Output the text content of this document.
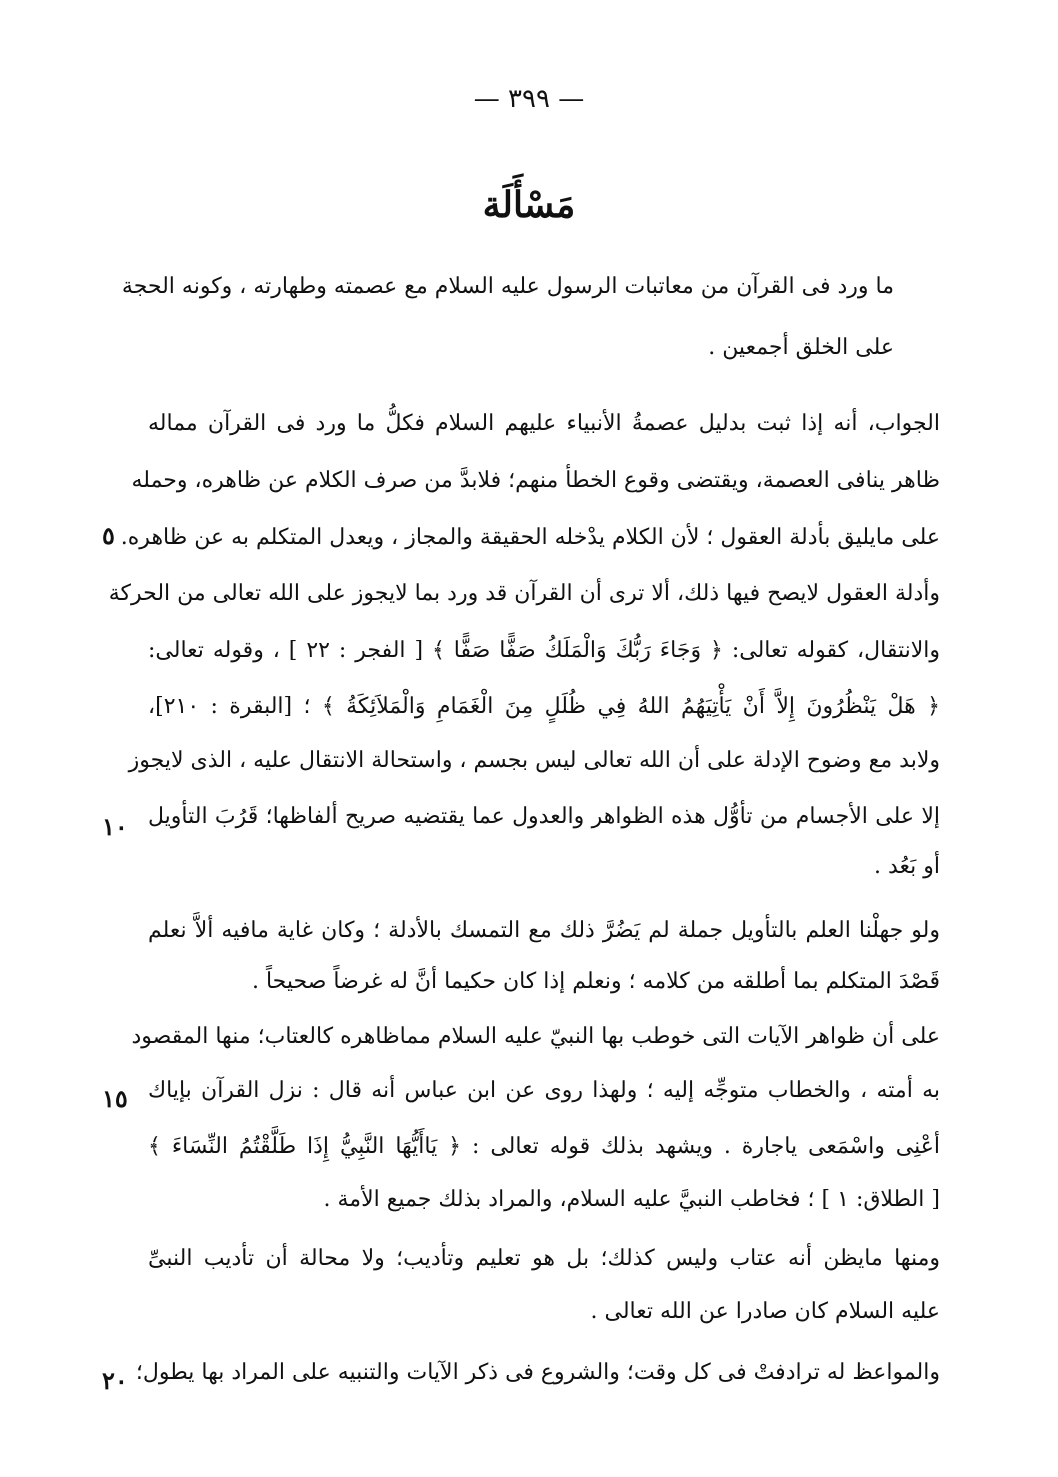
— ٣٩٩ —
مَسْأَلَة
ما ورد فى القرآن من معاتبات الرسول عليه السلام مع عصمته وطهارته ، وكونه الحجة
على الخلق أجمعين .
الجواب، أنه إذا ثبت بدليل عصمةُ الأنبياء عليهم السلام فكلُّ ما ورد فى القرآن مماله
ظاهر ينافى العصمة، ويقتضى وقوع الخطأ منهم؛ فلابدَّ من صرف الكلام عن ظاهره، وحمله
على مايليق بأدلة العقول ؛ لأن الكلام يدْخله الحقيقة والمجاز ، ويعدل المتكلم به عن ظاهره.
وأدلة العقول لايصح فيها ذلك، ألا ترى أن القرآن قد ورد بما لايجوز على الله تعالى من الحركة
والانتقال، كقوله تعالى: ﴿ وَجَاءَ رَبُّكَ وَالْمَلَكُ صَفًّا صَفًّا ﴾ [ الفجر : ٢٢ ] ، وقوله تعالى:
﴿ هَلْ يَنْظُرُونَ إِلاَّ أَنْ يَأْتِيَهُمُ اللهُ فِي ظُلَلٍ مِنَ الْغَمَامِ وَالْمَلاَئِكَةُ ﴾ ؛ [البقرة : ٢١٠]،
ولابد مع وضوح الإدلة على أن الله تعالى ليس بجسم ، واستحالة الانتقال عليه ، الذى لايجوز
إلا على الأجسام من تأوُّل هذه الظواهر والعدول عما يقتضيه صريح ألفاظها؛ قَرُبَ التأويل
أو بَعُد .
ولو جهلْنا العلم بالتأويل جملة لم يَضُرَّ ذلك مع التمسك بالأدلة ؛ وكان غاية مافيه ألاَّ نعلم
قَصْدَ المتكلم بما أطلقه من كلامه ؛ ونعلم إذا كان حكيما أنَّ له غرضاً صحيحاً .
على أن ظواهر الآيات التى خوطب بها النبيّ عليه السلام مماظاهره كالعتاب؛ منها المقصود
به أمته ، والخطاب متوجِّه إليه ؛ ولهذا روى عن ابن عباس أنه قال : نزل القرآن بإياك
أعْنِى واسْمَعى ياجارة . ويشهد بذلك قوله تعالى : ﴿ يَاأَيُّهَا النَّبِيُّ إِذَا طَلَّقْتُمُ النِّسَاءَ ﴾
[ الطلاق: ١ ] ؛ فخاطب النبيَّ عليه السلام، والمراد بذلك جميع الأمة .
ومنها مايظن أنه عتاب وليس كذلك؛ بل هو تعليم وتأديب؛ ولا محالة أن تأديب النبىِّ
عليه السلام كان صادرا عن الله تعالى .
والمواعظ له ترادفتْ فى كل وقت؛ والشروع فى ذكر الآيات والتنبيه على المراد بها يطول؛
٥
١٠
١٥
٢٠
